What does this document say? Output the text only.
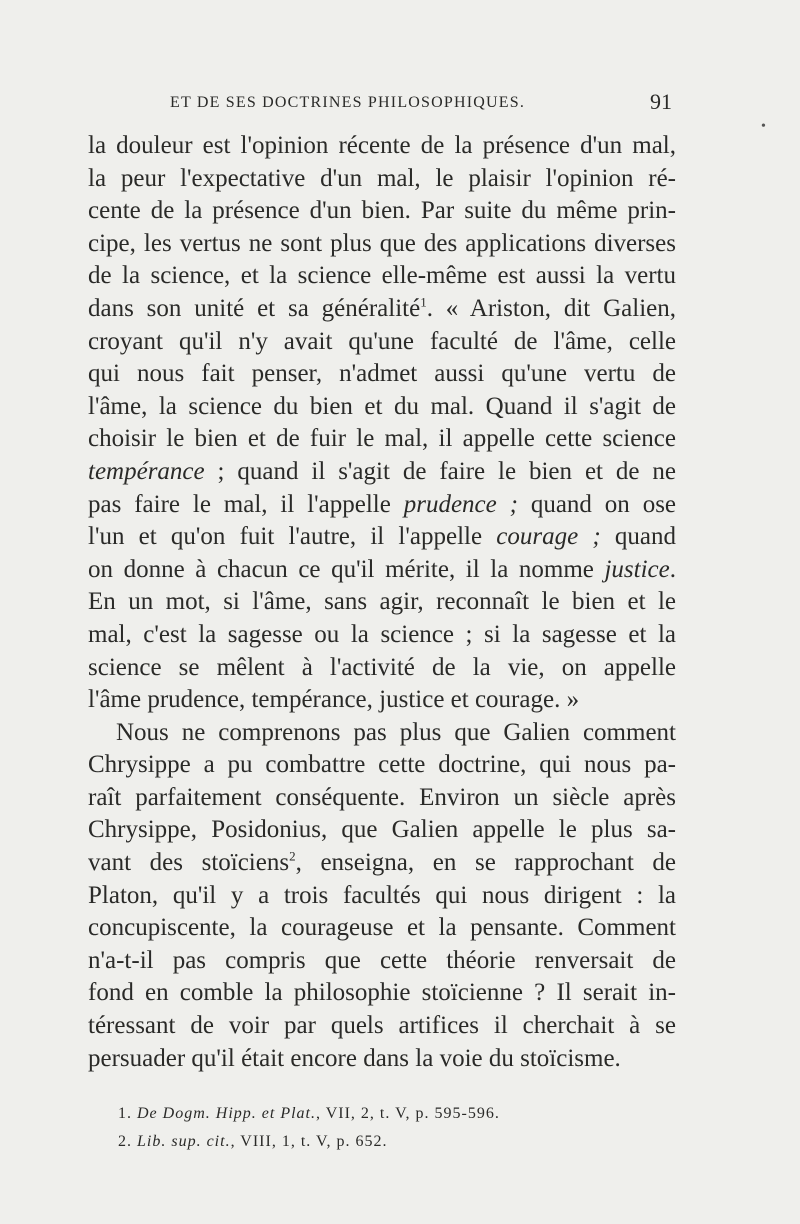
ET DE SES DOCTRINES PHILOSOPHIQUES.	91
•
la douleur est l'opinion récente de la présence d'un mal,
la peur l'expectative d'un mal, le plaisir l'opinion ré-
cente de la présence d'un bien. Par suite du même prin-
cipe, les vertus ne sont plus que des applications diverses
de la science, et la science elle-même est aussi la vertu
dans son unité et sa généralité$^1$. « Ariston, dit Galien,
croyant qu'il n'y avait qu'une faculté de l'âme, celle
qui nous fait penser, n'admet aussi qu'une vertu de
l'âme, la science du bien et du mal. Quand il s'agit de
choisir le bien et de fuir le mal, il appelle cette science
tempérance ; quand il s'agit de faire le bien et de ne
pas faire le mal, il l'appelle prudence ; quand on ose
l'un et qu'on fuit l'autre, il l'appelle courage ; quand
on donne à chacun ce qu'il mérite, il la nomme justice.
En un mot, si l'âme, sans agir, reconnaît le bien et le
mal, c'est la sagesse ou la science ; si la sagesse et la
science se mêlent à l'activité de la vie, on appelle
l'âme prudence, tempérance, justice et courage. »
Nous ne comprenons pas plus que Galien comment
Chrysippe a pu combattre cette doctrine, qui nous pa-
raît parfaitement conséquente. Environ un siècle après
Chrysippe, Posidonius, que Galien appelle le plus sa-
vant des stoïciens$^2$, enseigna, en se rapprochant de
Platon, qu'il y a trois facultés qui nous dirigent : la
concupiscente, la courageuse et la pensante. Comment
n'a-t-il pas compris que cette théorie renversait de
fond en comble la philosophie stoïcienne ? Il serait in-
téressant de voir par quels artifices il cherchait à se
persuader qu'il était encore dans la voie du stoïcisme.
1. De Dogm. Hipp. et Plat., VII, 2, t. V, p. 595-596.
2. Lib. sup. cit., VIII, 1, t. V, p. 652.
